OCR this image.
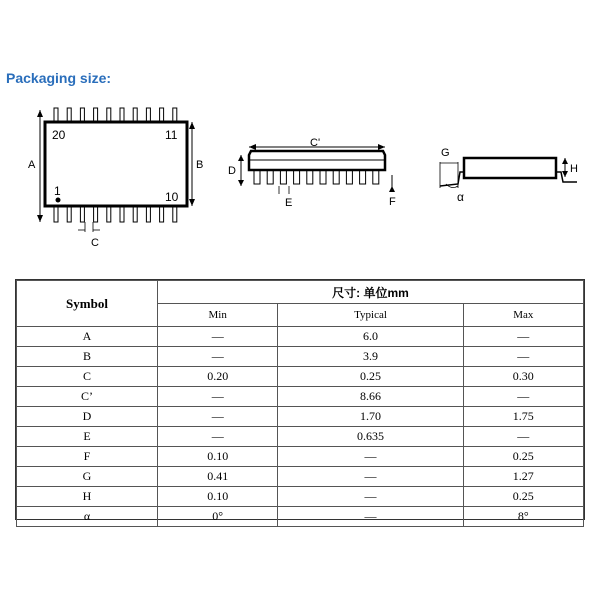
Packaging size:
20	11
1	10
A	B
C
C'
D
E	F
G
H
α
Symbol	尺寸: 单位mm		
	Min	Typical	Max
A	—	6.0	—
B	—	3.9	—
C	0.20	0.25	0.30
C’	—	8.66	—
D	—	1.70	1.75
E	—	0.635	—
F	0.10	—	0.25
G	0.41	—	1.27
H	0.10	—	0.25
α	0°	—	8°
